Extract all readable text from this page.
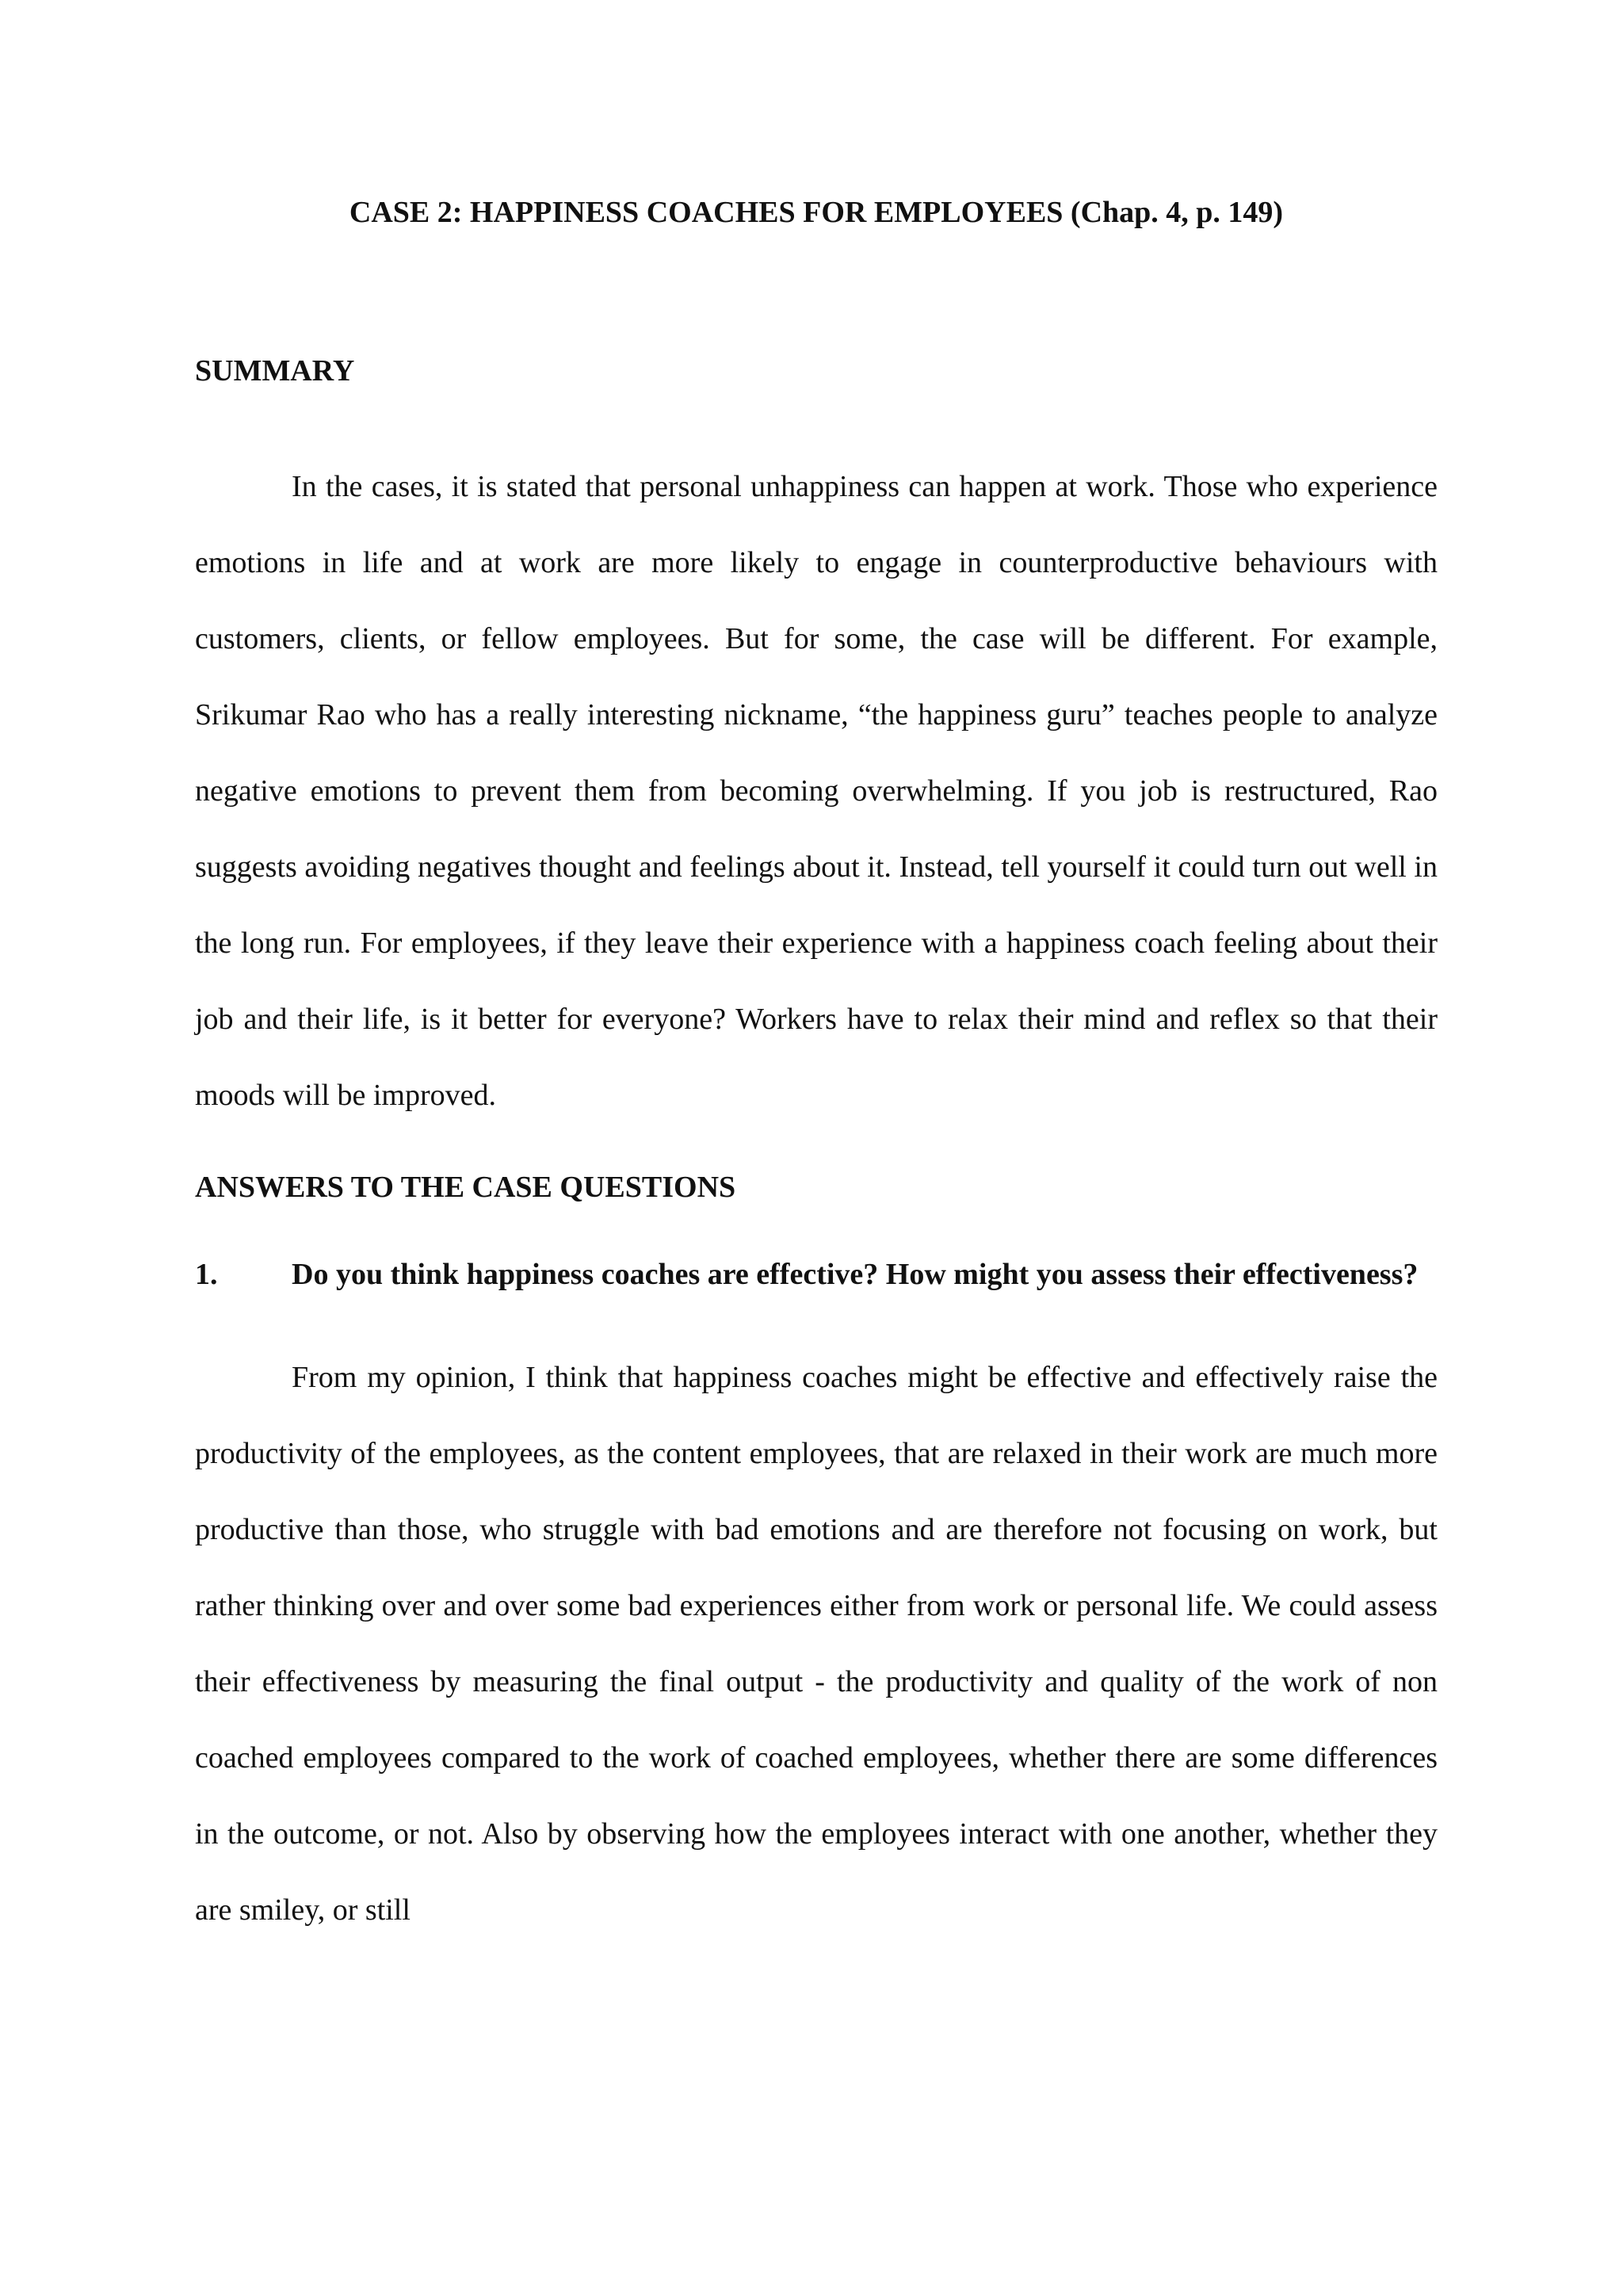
CASE 2: HAPPINESS COACHES FOR EMPLOYEES (Chap. 4, p. 149)
SUMMARY

In the cases, it is stated that personal unhappiness can happen at work. Those who experience emotions in life and at work are more likely to engage in counterproductive behaviours with customers, clients, or fellow employees. But for some, the case will be different. For example, Srikumar Rao who has a really interesting nickname, “the happiness guru” teaches people to analyze negative emotions to prevent them from becoming overwhelming. If you job is restructured, Rao suggests avoiding negatives thought and feelings about it. Instead, tell yourself it could turn out well in the long run. For employees, if they leave their experience with a happiness coach feeling about their job and their life, is it better for everyone? Workers have to relax their mind and reflex so that their moods will be improved.

ANSWERS TO THE CASE QUESTIONS

1. Do you think happiness coaches are effective? How might you assess their effectiveness?

From my opinion, I think that happiness coaches might be effective and effectively raise the productivity of the employees, as the content employees, that are relaxed in their work are much more productive than those, who struggle with bad emotions and are therefore not focusing on work, but rather thinking over and over some bad experiences either from work or personal life. We could assess their effectiveness by measuring the final output - the productivity and quality of the work of non coached employees compared to the work of coached employees, whether there are some differences in the outcome, or not. Also by observing how the employees interact with one another, whether they are smiley, or still
